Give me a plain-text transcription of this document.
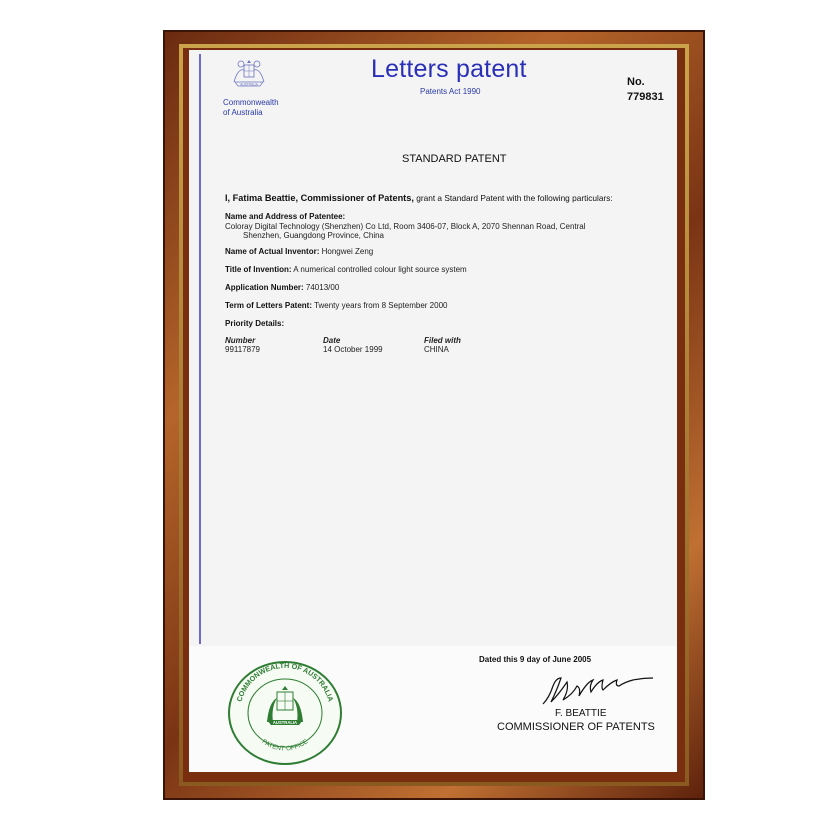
AUSTRALIA
Commonwealth
of Australia
Letters patent
Patents Act 1990
No.
779831
STANDARD PATENT
I, Fatima Beattie, Commissioner of Patents, grant a Standard Patent with the following particulars:
Name and Address of Patentee:
Coloray Digital Technology (Shenzhen) Co Ltd, Room 3406-07, Block A, 2070 Shennan Road, Central
Shenzhen, Guangdong Province, China
Name of Actual Inventor: Hongwei Zeng
Title of Invention: A numerical controlled colour light source system
Application Number: 74013/00
Term of Letters Patent: Twenty years from 8 September 2000
Priority Details:
Number	Date	Filed with
99117879	14 October 1999	CHINA
COMMONWEALTH OF AUSTRALIA
PATENT OFFICE
AUSTRALIA
Dated this 9 day of June 2005
F. BEATTIE
COMMISSIONER OF PATENTS
